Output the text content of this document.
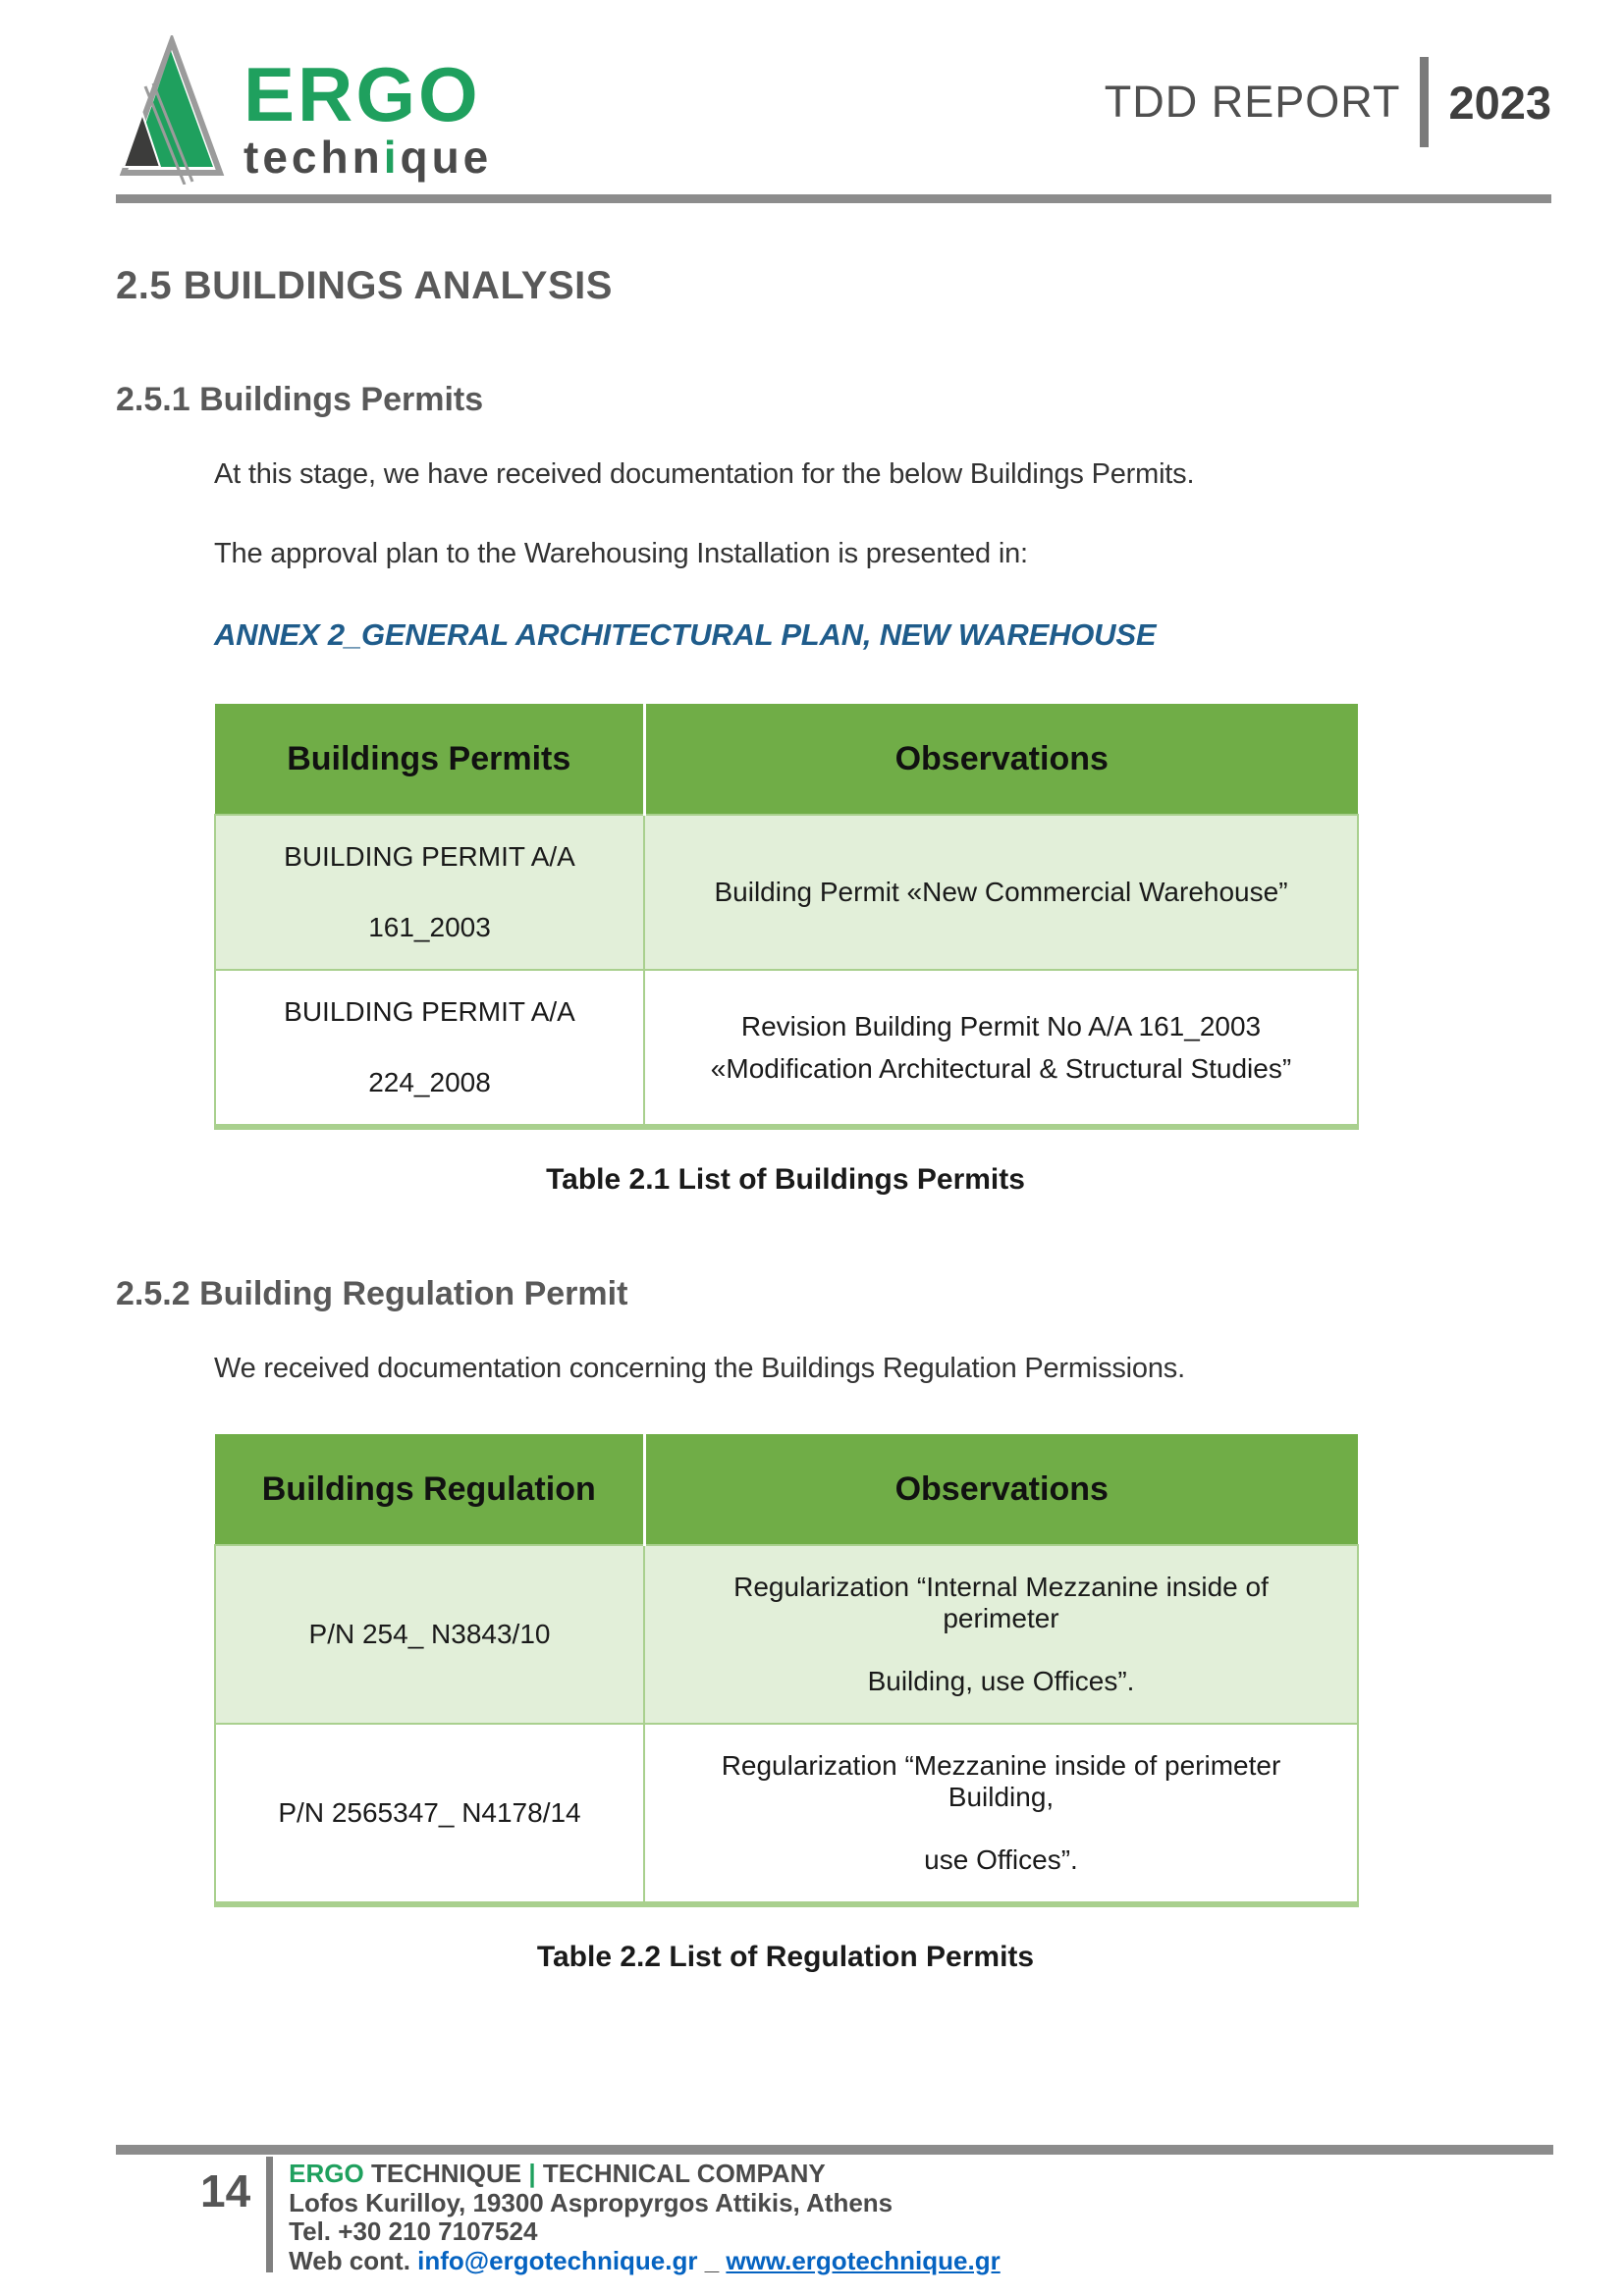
ERGO
technique
TDD REPORT 2023
2.5 BUILDINGS ANALYSIS
2.5.1 Buildings Permits

At this stage, we have received documentation for the below Buildings Permits.

The approval plan to the Warehousing Installation is presented in:

ANNEX 2_GENERAL ARCHITECTURAL PLAN, NEW WAREHOUSE

Buildings Permits	Observations

BUILDING PERMIT A/A
161_2003	Building Permit «New Commercial Warehouse”

BUILDING PERMIT A/A
224_2008	Revision Building Permit No A/A 161_2003 «Modification Architectural & Structural Studies”
Table 2.1 List of Buildings Permits
2.5.2 Building Regulation Permit

We received documentation concerning the Buildings Regulation Permissions.

Buildings Regulation	Observations
P/N 254_ N3843/10	Regularization “Internal Mezzanine inside of perimeter
Building, use Offices”.

P/N 2565347_ N4178/14	Regularization “Mezzanine inside of perimeter Building,
use Offices”.
Table 2.2 List of Regulation Permits
14 ERGO TECHNIQUE | TECHNICAL COMPANY
Lofos Kurilloy, 19300 Aspropyrgos Attikis, Athens
Tel. +30 210 7107524
Web cont. info@ergotechnique.gr _ www.ergotechnique.gr
